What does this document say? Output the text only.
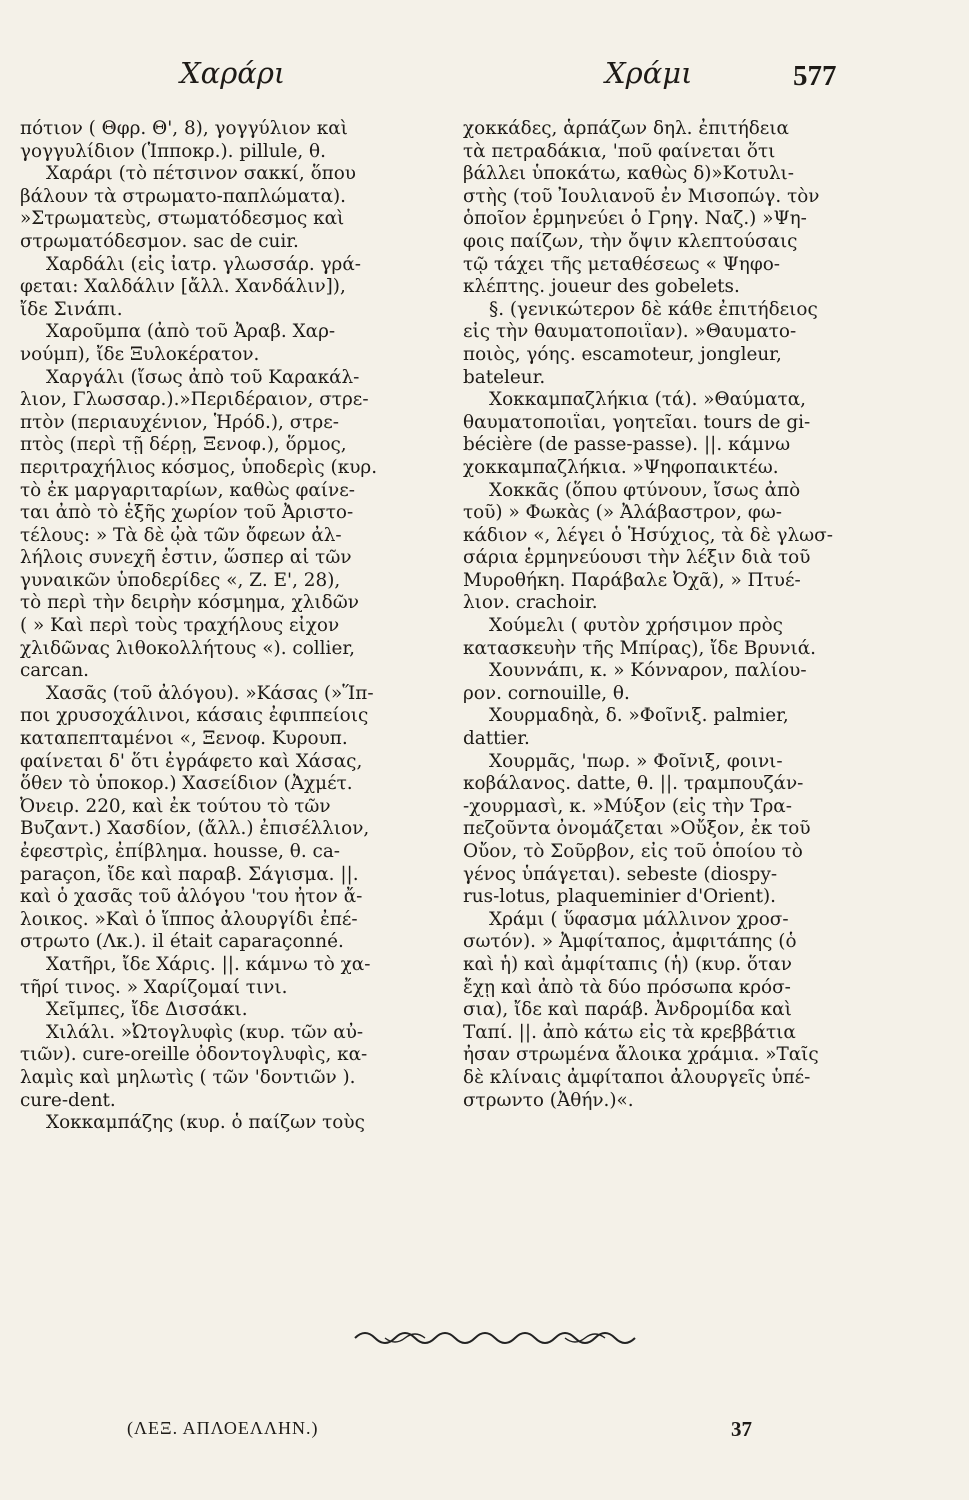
Χαράρι	Χράμι	577
πότιον ( Θφρ. Θ', 8), γογγύλιον καὶ
γογγυλίδιον (Ἱπποκρ.). pillule, θ.
Χαράρι (τὸ πέτσινον σακκί, ὅπου
βάλουν τὰ στρωματο-παπλώματα).
»Στρωματεὺς, στωματόδεσμος καὶ
στρωματόδεσμον. sac de cuir.
Χαρδάλι (εἰς ἰατρ. γλωσσάρ. γρά-
φεται: Χαλδάλιν [ἄλλ. Χανδάλιν]),
ἴδε Σινάπι.
Χαροῦμπα (ἀπὸ τοῦ Ἀραβ. Χαρ-
νούμπ), ἴδε Ξυλοκέρατον.
Χαργάλι (ἴσως ἀπὸ τοῦ Καρακάλ-
λιον, Γλωσσαρ.).»Περιδέραιον, στρε-
πτὸν (περιαυχένιον, Ἡρόδ.), στρε-
πτὸς (περὶ τῇ δέρῃ, Ξενοφ.), ὅρμος,
περιτραχήλιος κόσμος, ὑποδερὶς (κυρ.
τὸ ἐκ μαργαριταρίων, καθὼς φαίνε-
ται ἀπὸ τὸ ἑξῆς χωρίον τοῦ Ἀριστο-
τέλους: » Τὰ δὲ ᾠὰ τῶν ὄφεων ἀλ-
λήλοις συνεχῆ ἐστιν, ὥσπερ αἱ τῶν
γυναικῶν ὑποδερίδες «, Ζ. Ε', 28),
τὸ περὶ τὴν δειρὴν κόσμημα, χλιδῶν
( » Καὶ περὶ τοὺς τραχήλους εἶχον
χλιδῶνας λιθοκολλήτους «). collier,
carcan.
Χασᾶς (τοῦ ἀλόγου). »Κάσας (»Ἵπ-
ποι χρυσοχάλινοι, κάσαις ἐφιππείοις
καταπεπταμένοι «, Ξενοφ. Κυρουπ.
φαίνεται δ' ὅτι ἐγράφετο καὶ Χάσας,
ὅθεν τὸ ὑποκορ.) Χασείδιον (Ἀχμέτ.
Ὀνειρ. 220, καὶ ἐκ τούτου τὸ τῶν
Βυζαντ.) Χασδίον, (ἄλλ.) ἐπισέλλιον,
ἐφεστρὶς, ἐπίβλημα. housse, θ. ca-
paraçon, ἴδε καὶ παραβ. Σάγισμα. ||.
καὶ ὁ χασᾶς τοῦ ἀλόγου 'του ἦτον ἄ-
λοικος. »Καὶ ὁ ἵππος ἀλουργίδι ἐπέ-
στρωτο (Λκ.). il était caparaçonné.
Χατῆρι, ἴδε Χάρις. ||. κάμνω τὸ χα-
τῆρί τινος. » Χαρίζομαί τινι.
Χεῖμπες, ἴδε Δισσάκι.
Χιλάλι. »Ὠτογλυφὶς (κυρ. τῶν αὐ-
τιῶν). cure-oreille ὀδοντογλυφὶς, κα-
λαμὶς καὶ μηλωτὶς ( τῶν 'δοντιῶν ).
cure-dent.
Χοκκαμπάζης (κυρ. ὁ παίζων τοὺς
χοκκάδες, ἁρπάζων δηλ. ἐπιτήδεια
τὰ πετραδάκια, 'ποῦ φαίνεται ὅτι
βάλλει ὑποκάτω, καθὼς δ)»Κοτυλι-
στὴς (τοῦ Ἰουλιανοῦ ἐν Μισοπώγ. τὸν
ὁποῖον ἑρμηνεύει ὁ Γρηγ. Ναζ.) »Ψη-
φοις παίζων, τὴν ὄψιν κλεπτούσαις
τῷ τάχει τῆς μεταθέσεως « Ψηφο-
κλέπτης. joueur des gobelets.
§. (γενικώτερον δὲ κάθε ἐπιτήδειος
εἰς τὴν θαυματοποιΐαν). »Θαυματο-
ποιὸς, γόης. escamoteur, jongleur,
bateleur.
Χοκκαμπαζλήκια (τά). »Θαύματα,
θαυματοποιΐαι, γοητεῖαι. tours de gi-
bécière (de passe-passe). ||. κάμνω
χοκκαμπαζλήκια. »Ψηφοπαικτέω.
Χοκκᾶς (ὅπου φτύνουν, ἴσως ἀπὸ
τοῦ) » Φωκὰς (» Ἀλάβαστρον, φω-
κάδιον «, λέγει ὁ Ἡσύχιος, τὰ δὲ γλωσ-
σάρια ἑρμηνεύουσι τὴν λέξιν διὰ τοῦ
Μυροθήκη. Παράβαλε Ὀχᾶ), » Πτυέ-
λιον. crachoir.
Χούμελι ( φυτὸν χρήσιμον πρὸς
κατασκευὴν τῆς Μπίρας), ἴδε Βρυνιά.
Χουννάπι, κ. » Κόνναρον, παλίου-
ρον. cornouille, θ.
Χουρμαδηὰ, δ. »Φοῖνιξ. palmier,
dattier.
Χουρμᾶς, 'πωρ. » Φοῖνιξ, φοινι-
κοβάλανος. datte, θ. ||. τραμπουζάν-
-χουρμασὶ, κ. »Μύξον (εἰς τὴν Τρα-
πεζοῦντα ὀνομάζεται »Οὔξον, ἐκ τοῦ
Οὔον, τὸ Σοῦρβον, εἰς τοῦ ὁποίου τὸ
γένος ὑπάγεται). sebeste (diospy-
rus-lotus, plaqueminier d'Orient).
Χράμι ( ὕφασμα μάλλινον χροσ-
σωτόν). » Ἀμφίταπος, ἀμφιτάπης (ὁ
καὶ ἡ) καὶ ἀμφίταπις (ἡ) (κυρ. ὅταν
ἔχῃ καὶ ἀπὸ τὰ δύο πρόσωπα κρόσ-
σια), ἴδε καὶ παράβ. Ἀνδρομίδα καὶ
Ταπί. ||. ἀπὸ κάτω εἰς τὰ κρεββάτια
ἦσαν στρωμένα ἄλοικα χράμια. »Ταῖς
δὲ κλίναις ἀμφίταποι ἀλουργεῖς ὑπέ-
στρωντο (Ἀθήν.)«.
(ΛΕΞ. ΑΠΛΟΕΛΛΗΝ.)	37
